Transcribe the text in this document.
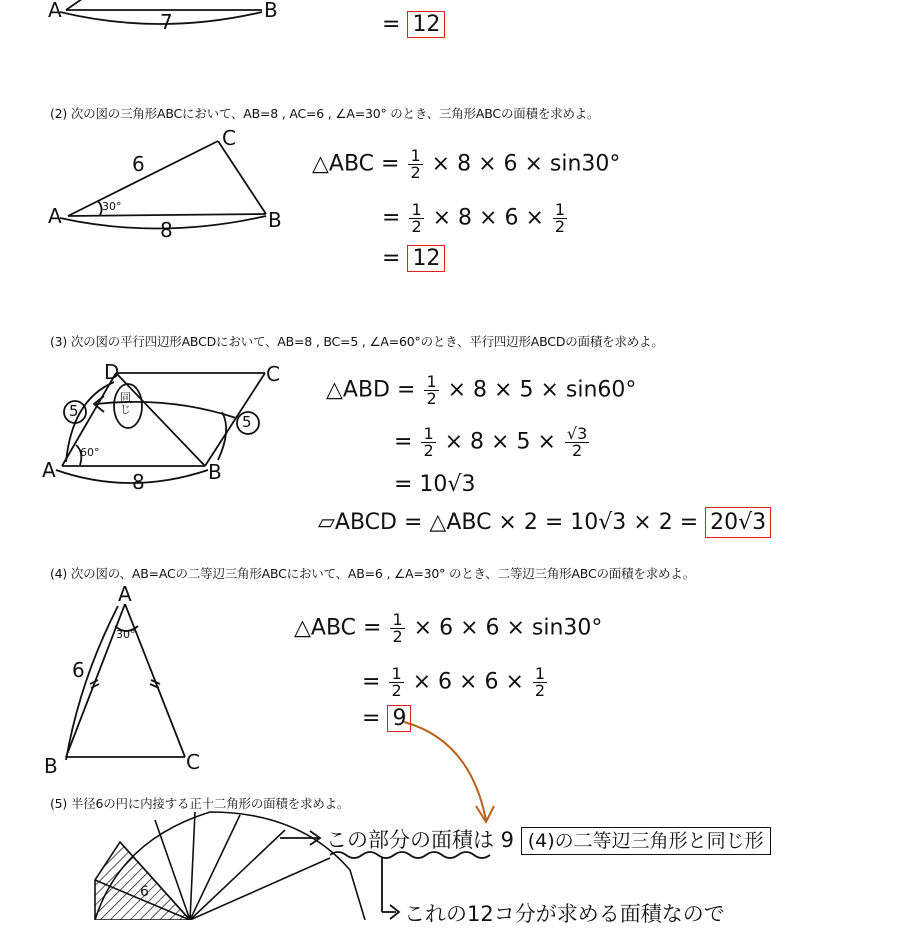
A	B
7	= 12
(2) 次の図の三角形ABCにおいて、AB=8 , AC=6 , ∠A=30° のとき、三角形ABCの面積を求めよ。
A	B
C
6
8
30°
△ABC = $\frac{1}{2} \times 8 \times 6 \times \sin 30^\circ$
= $\frac{1}{2} \times 8 \times 6 \times \frac{1}{2}$
= 12
(3) 次の図の平行四辺形ABCDにおいて、AB=8 , BC=5 , ∠A=60°のとき、平行四辺形ABCDの面積を求めよ。
A	B
C
D
8
5
5
60°
同じ
△ABD = $\frac{1}{2} \times 8 \times 5 \times \sin 60^\circ$
= $\frac{1}{2} \times 8 \times 5 \times \frac{√3}{2}$
= 10√3
▱ABCD = △ABC × 2 = 10√3 × 2 = 20√3
(4) 次の図の、AB=ACの二等辺三角形ABCにおいて、AB=6 , ∠A=30° のとき、二等辺三角形ABCの面積を求めよ。
A
B	C
6
30°	△ABC = $\frac{1}{2} \times 6 \times 6 \times \sin 30^\circ$
= $\frac{1}{2} \times 6 \times 6 \times \frac{1}{2}$
= 9
(5) 半径6の円に内接する正十二角形の面積を求めよ。
6
この部分の面積は 9 (4)の二等辺三角形と同じ形
これの12コ分が求める面積なので
